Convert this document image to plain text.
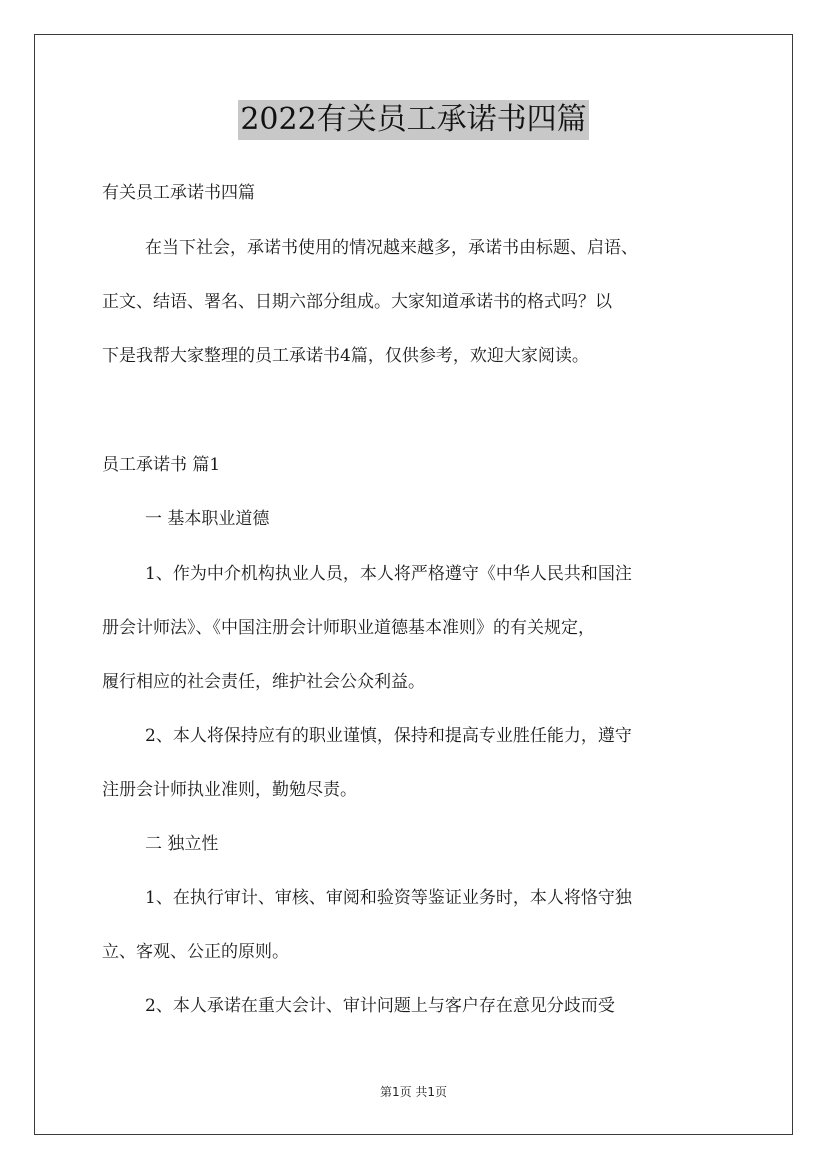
2022有关员工承诺书四篇
有关员工承诺书四篇
在当下社会，承诺书使用的情况越来越多，承诺书由标题、启语、
正文、结语、署名、日期六部分组成。大家知道承诺书的格式吗？以
下是我帮大家整理的员工承诺书4篇，仅供参考，欢迎大家阅读。
员工承诺书 篇1
一 基本职业道德
1、作为中介机构执业人员，本人将严格遵守《中华人民共和国注
册会计师法》、《中国注册会计师职业道德基本准则》的有关规定，
履行相应的社会责任，维护社会公众利益。
2、本人将保持应有的职业谨慎，保持和提高专业胜任能力，遵守
注册会计师执业准则，勤勉尽责。
二 独立性
1、在执行审计、审核、审阅和验资等鉴证业务时，本人将恪守独
立、客观、公正的原则。
2、本人承诺在重大会计、审计问题上与客户存在意见分歧而受
第1页 共1页
